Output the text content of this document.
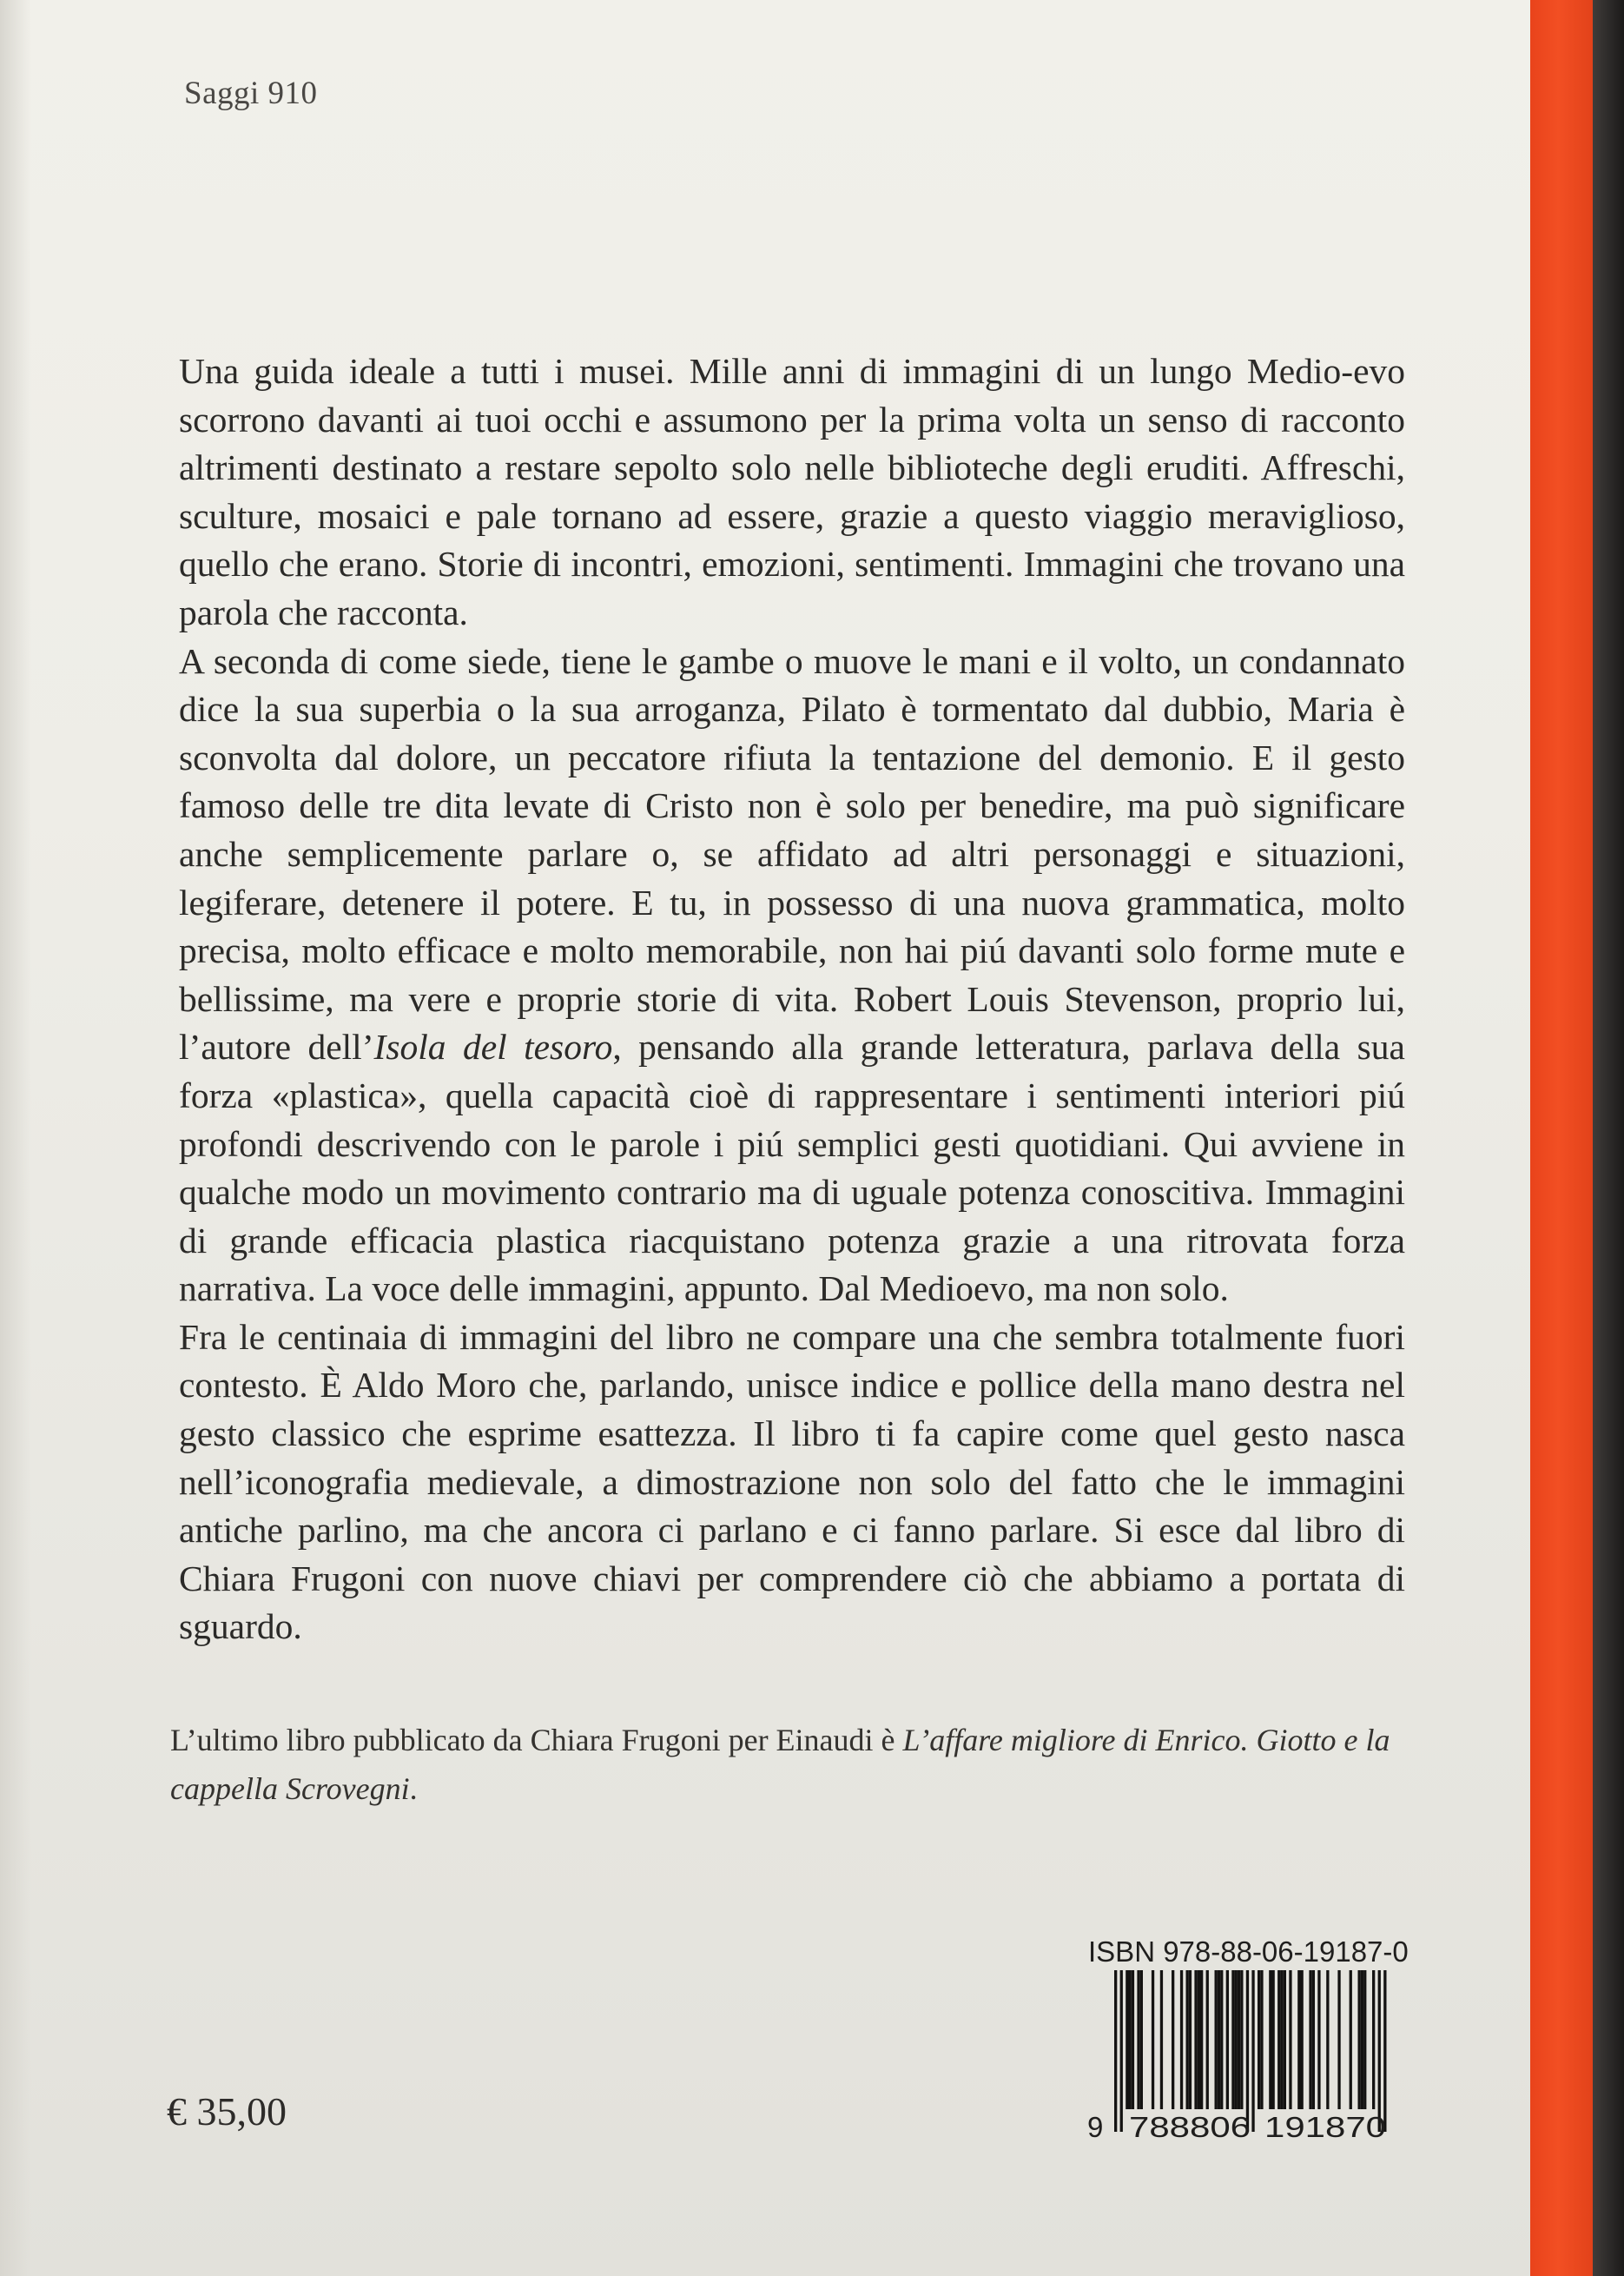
Saggi 910

Una guida ideale a tutti i musei. Mille anni di immagini di un lungo Medio-evo scorrono davanti ai tuoi occhi e assumono per la prima volta un senso di racconto altrimenti destinato a restare sepolto solo nelle biblioteche degli eruditi. Affreschi, sculture, mosaici e pale tornano ad essere, grazie a questo viaggio meraviglioso, quello che erano. Storie di incontri, emozioni, sentimenti. Immagini che trovano una parola che racconta.

A seconda di come siede, tiene le gambe o muove le mani e il volto, un condannato dice la sua superbia o la sua arroganza, Pilato è tormentato dal dubbio, Maria è sconvolta dal dolore, un peccatore rifiuta la tentazione del demonio. E il gesto famoso delle tre dita levate di Cristo non è solo per benedire, ma può significare anche semplicemente parlare o, se affidato ad altri personaggi e situazioni, legiferare, detenere il potere. E tu, in possesso di una nuova grammatica, molto precisa, molto efficace e molto memorabile, non hai piú davanti solo forme mute e bellissime, ma vere e proprie storie di vita. Robert Louis Stevenson, proprio lui, l’autore dell’Isola del tesoro, pensando alla grande letteratura, parlava della sua forza «plastica», quella capacità cioè di rappresentare i sentimenti interiori piú profondi descrivendo con le parole i piú semplici gesti quotidiani. Qui avviene in qualche modo un movimento contrario ma di uguale potenza conoscitiva. Immagini di grande efficacia plastica riacquistano potenza grazie a una ritrovata forza narrativa. La voce delle immagini, appunto. Dal Medioevo, ma non solo.

Fra le centinaia di immagini del libro ne compare una che sembra totalmente fuori contesto. È Aldo Moro che, parlando, unisce indice e pollice della mano destra nel gesto classico che esprime esattezza. Il libro ti fa capire come quel gesto nasca nell’iconografia medievale, a dimostrazione non solo del fatto che le immagini antiche parlino, ma che ancora ci parlano e ci fanno parlare. Si esce dal libro di Chiara Frugoni con nuove chiavi per comprendere ciò che abbiamo a portata di sguardo.

L’ultimo libro pubblicato da Chiara Frugoni per Einaudi è L’affare migliore di Enrico. Giotto e la cappella Scrovegni.

€ 35,00
ISBN 978-88-06-19187-0
9 788806 191870
